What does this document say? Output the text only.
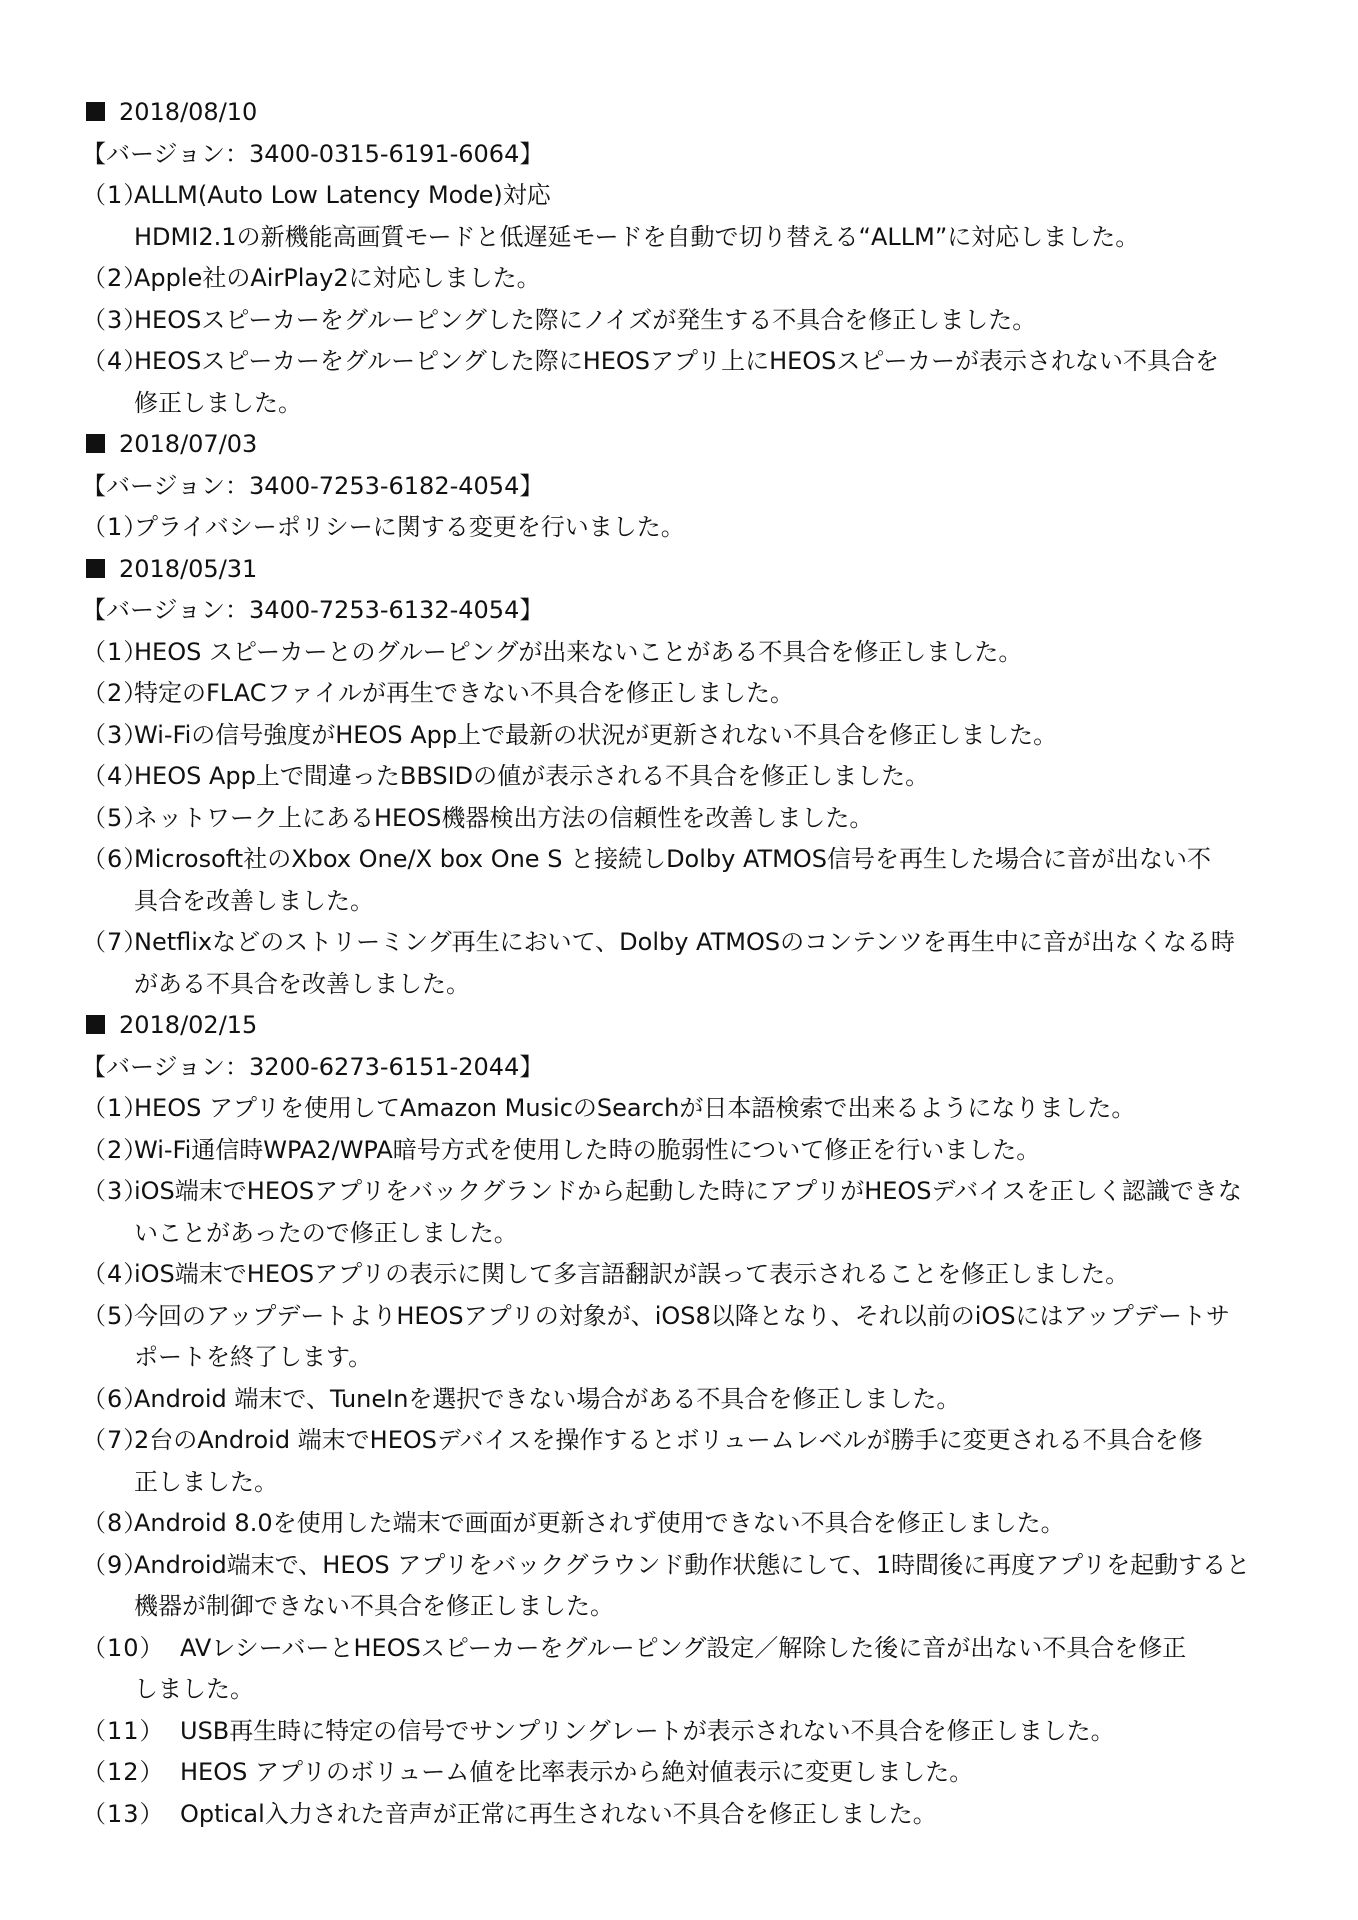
2018/08/10
【バージョン：3400-0315-6191-6064】
（1）
ALLM(Auto Low Latency Mode)対応
HDMI2.1の新機能高画質モードと低遅延モードを自動で切り替える“ALLM”に対応しました。
（2）
Apple社のAirPlay2に対応しました。
（3）
HEOSスピーカーをグルーピングした際にノイズが発生する不具合を修正しました。
（4）
HEOSスピーカーをグルーピングした際にHEOSアプリ上にHEOSスピーカーが表示されない不具合を
修正しました。
2018/07/03
【バージョン：3400-7253-6182-4054】
（1）
プライバシーポリシーに関する変更を行いました。
2018/05/31
【バージョン：3400-7253-6132-4054】
（1）
HEOS スピーカーとのグルーピングが出来ないことがある不具合を修正しました。
（2）
特定のFLACファイルが再生できない不具合を修正しました。
（3）
Wi-Fiの信号強度がHEOS App上で最新の状況が更新されない不具合を修正しました。
（4）
HEOS App上で間違ったBBSIDの値が表示される不具合を修正しました。
（5）
ネットワーク上にあるHEOS機器検出方法の信頼性を改善しました。
（6）
Microsoft社のXbox One/X box One S と接続しDolby ATMOS信号を再生した場合に音が出ない不
具合を改善しました。
（7）
Netflixなどのストリーミング再生において、Dolby ATMOSのコンテンツを再生中に音が出なくなる時
がある不具合を改善しました。
2018/02/15
【バージョン：3200-6273-6151-2044】
（1）
HEOS アプリを使用してAmazon MusicのSearchが日本語検索で出来るようになりました。
（2）
Wi-Fi通信時WPA2/WPA暗号方式を使用した時の脆弱性について修正を行いました。
（3）
iOS端末でHEOSアプリをバックグランドから起動した時にアプリがHEOSデバイスを正しく認識できな
いことがあったので修正しました。
（4）
iOS端末でHEOSアプリの表示に関して多言語翻訳が誤って表示されることを修正しました。
（5）
今回のアップデートよりHEOSアプリの対象が、iOS8以降となり、それ以前のiOSにはアップデートサ
ポートを終了します。
（6）
Android 端末で、TuneInを選択できない場合がある不具合を修正しました。
（7）
2台のAndroid 端末でHEOSデバイスを操作するとボリュームレベルが勝手に変更される不具合を修
正しました。
（8）
Android 8.0を使用した端末で画面が更新されず使用できない不具合を修正しました。
（9）
Android端末で、HEOS アプリをバックグラウンド動作状態にして、1時間後に再度アプリを起動すると
機器が制御できない不具合を修正しました。
（10） AVレシーバーとHEOSスピーカーをグルーピング設定／解除した後に音が出ない不具合を修正
しました。
（11） USB再生時に特定の信号でサンプリングレートが表示されない不具合を修正しました。
（12） HEOS アプリのボリューム値を比率表示から絶対値表示に変更しました。
（13） Optical入力された音声が正常に再生されない不具合を修正しました。
